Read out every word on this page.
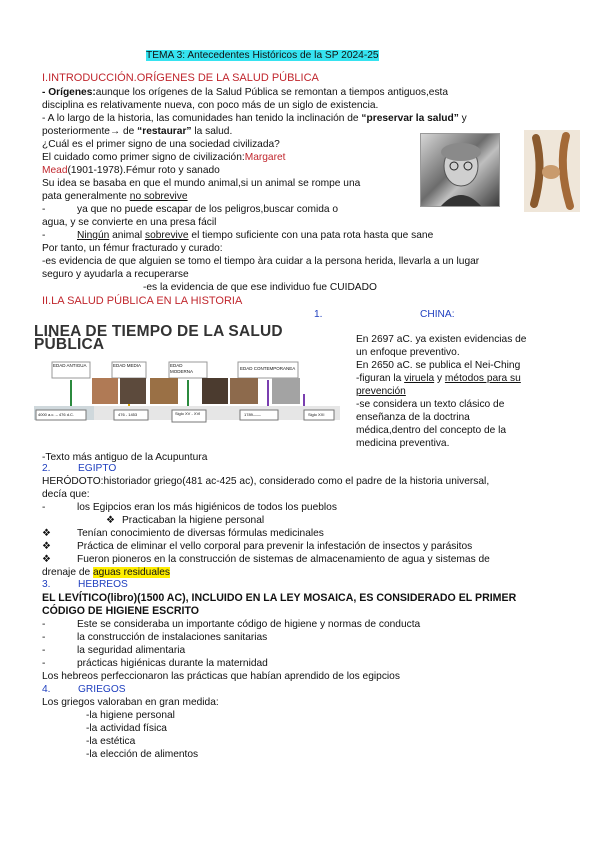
TEMA 3: Antecedentes Históricos de la SP 2024-25
I.INTRODUCCIÓN.ORÍGENES DE LA SALUD PÚBLICA
- Orígenes:aunque los orígenes de la Salud Pública se remontan a tiempos antiguos,esta
disciplina es relativamente nueva, con poco más de un siglo de existencia.
- A lo largo de la historia, las comunidades han tenido la inclinación de “preservar la salud” y
posteriormente→ de “restaurar” la salud.
¿Cuál es el primer signo de una sociedad civilizada?
El cuidado como primer signo de civilización:Margaret
Mead(1901-1978).Fémur roto y sanado
Su idea se basaba en que el mundo animal,si un animal se rompe una
pata generalmente no sobrevive
-	ya que no puede escapar de los peligros,buscar comida o
agua, y se convierte en una presa fácil
-	Ningún animal sobrevive el tiempo suficiente con una pata rota hasta que sane
Por tanto, un fémur fracturado y curado:
-es evidencia de que alguien se tomo el tiempo àra cuidar a la persona herida, llevarla a un lugar
seguro y ayudarla a recuperarse
-es la evidencia de que ese individuo fue CUIDADO
II.LA SALUD PÚBLICA EN LA HISTORIA
1.	CHINA:
LINEA DE TIEMPO DE LA SALUD PÙBLICA
EDAD ANTIGUA	EDAD MEDIA	EDAD MODERNA
EDAD CONTEMPORANEA
4000 a.c. – 476 d.C.	476 - 1453	Siglo XV - XVI	1789——	Siglo XXI
En 2697 aC. ya existen evidencias de
un enfoque preventivo.
En 2650 aC. se publica el Nei-Ching
-figuran la viruela y métodos para su
prevención
-se considera un texto clásico de
enseñanza de la doctrina
médica,dentro del concepto de la
medicina preventiva.
-Texto más antiguo de la Acupuntura
2.	EGIPTO
HERÓDOTO:historiador griego(481 ac-425 ac), considerado como el padre de la historia universal,
decía que:
-	los Egipcios eran los más higiénicos de todos los pueblos
❖ Practicaban la higiene personal
❖	Tenían conocimiento de diversas fórmulas medicinales
❖	Práctica de eliminar el vello corporal para prevenir la infestación de insectos y parásitos
❖	Fueron pioneros en la construcción de sistemas de almacenamiento de agua y sistemas de
drenaje de aguas residuales
3.	HEBREOS
EL LEVÍTICO(libro)(1500 AC), INCLUIDO EN LA LEY MOSAICA, ES CONSIDERADO EL PRIMER
CÓDIGO DE HIGIENE ESCRITO
-	Este se consideraba un importante código de higiene y normas de conducta
-	la construcción de instalaciones sanitarias
-	la seguridad alimentaria
-	prácticas higiénicas durante la maternidad
Los hebreos perfeccionaron las prácticas que habían aprendido de los egipcios
4.	GRIEGOS
Los griegos valoraban en gran medida:
-la higiene personal
-la actividad física
-la estética
-la elección de alimentos
